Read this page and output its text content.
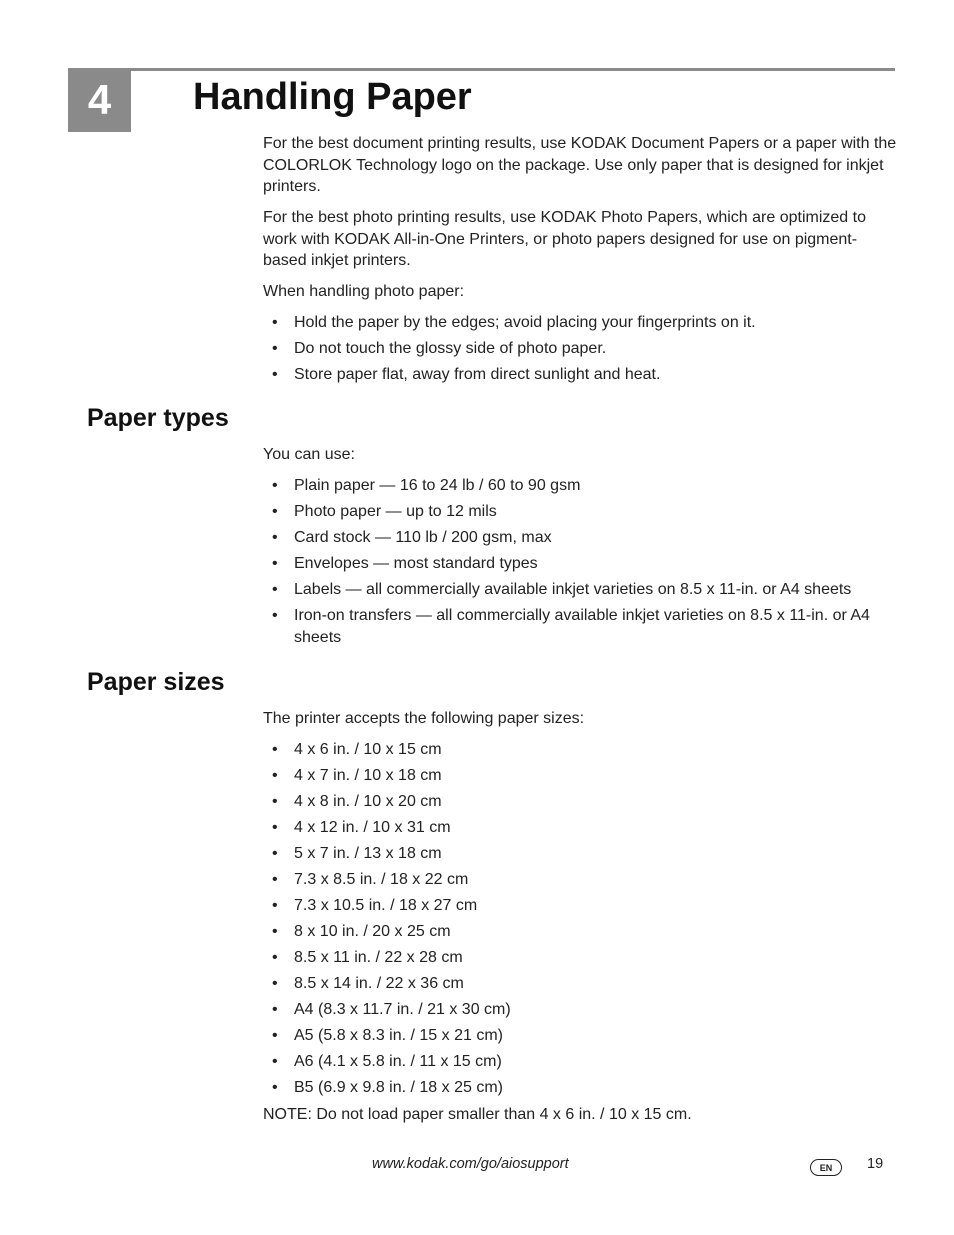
4	Handling Paper

For the best document printing results, use KODAK Document Papers or a paper with the COLORLOK Technology logo on the package. Use only paper that is designed for inkjet printers.

For the best photo printing results, use KODAK Photo Papers, which are optimized to work with KODAK All-in-One Printers, or photo papers designed for use on pigment-based inkjet printers.

When handling photo paper:

• Hold the paper by the edges; avoid placing your fingerprints on it.
• Do not touch the glossy side of photo paper.
• Store paper flat, away from direct sunlight and heat.
Paper types
You can use:
• Plain paper — 16 to 24 lb / 60 to 90 gsm
• Photo paper — up to 12 mils
• Card stock — 110 lb / 200 gsm, max
• Envelopes — most standard types
• Labels — all commercially available inkjet varieties on 8.5 x 11-in. or A4 sheets
• Iron-on transfers — all commercially available inkjet varieties on 8.5 x 11-in. or A4 sheets
Paper sizes
The printer accepts the following paper sizes:
• 4 x 6 in. / 10 x 15 cm
• 4 x 7 in. / 10 x 18 cm
• 4 x 8 in. / 10 x 20 cm
• 4 x 12 in. / 10 x 31 cm
• 5 x 7 in. / 13 x 18 cm
• 7.3 x 8.5 in. / 18 x 22 cm
• 7.3 x 10.5 in. / 18 x 27 cm
• 8 x 10 in. / 20 x 25 cm
• 8.5 x 11 in. / 22 x 28 cm
• 8.5 x 14 in. / 22 x 36 cm
• A4 (8.3 x 11.7 in. / 21 x 30 cm)
• A5 (5.8 x 8.3 in. / 15 x 21 cm)
• A6 (4.1 x 5.8 in. / 11 x 15 cm)
• B5 (6.9 x 9.8 in. / 18 x 25 cm)
NOTE: Do not load paper smaller than 4 x 6 in. / 10 x 15 cm.
www.kodak.com/go/aiosupport	EN	19
